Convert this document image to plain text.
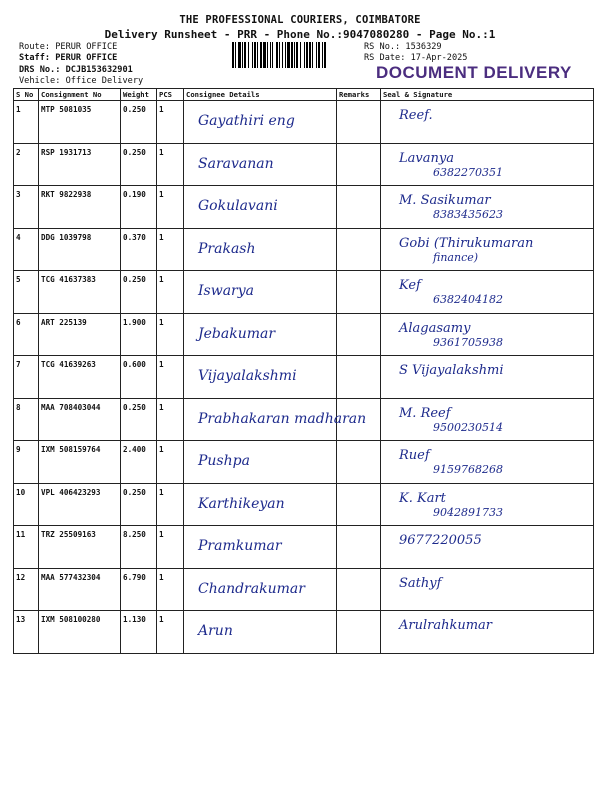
THE PROFESSIONAL COURIERS, COIMBATORE
Delivery Runsheet - PRR - Phone No.:9047080280 - Page No.:1
Route: PERUR OFFICE
Staff: PERUR OFFICE
DRS No.: DCJB153632901
Vehicle: Office Delivery
RS No.: 1536329
RS Date: 17-Apr-2025
DOCUMENT DELIVERY
S No	Consignment No	Weight	PCS	Consignee Details	Remarks	Seal & Signature
1	MTP 5081035	0.250	1	Gayathiri eng		Reef.

2	RSP 1931713	0.250	1	Saravanan		Lavanya
6382270351

3	RKT 9822938	0.190	1	Gokulavani		M. Sasikumar
8383435623

4	DDG 1039798	0.370	1	Prakash		Gobi (Thirukumaran
finance)

5	TCG 41637383	0.250	1	Iswarya		Kef
6382404182

6	ART 225139	1.900	1	Jebakumar		Alagasamy
9361705938

7	TCG 41639263	0.600	1	Vijayalakshmi		S Vijayalakshmi

8	MAA 708403044	0.250	1	Prabhakaran madharan		M. Reef
9500230514

9	IXM 508159764	2.400	1	Pushpa		Ruef
9159768268

10	VPL 406423293	0.250	1	Karthikeyan		K. Kart
9042891733

11	TRZ 25509163	8.250	1	Pramkumar		9677220055

12	MAA 577432304	6.790	1	Chandrakumar		Sathyf

13	IXM 508100280	1.130	1	Arun		Arulrahkumar
